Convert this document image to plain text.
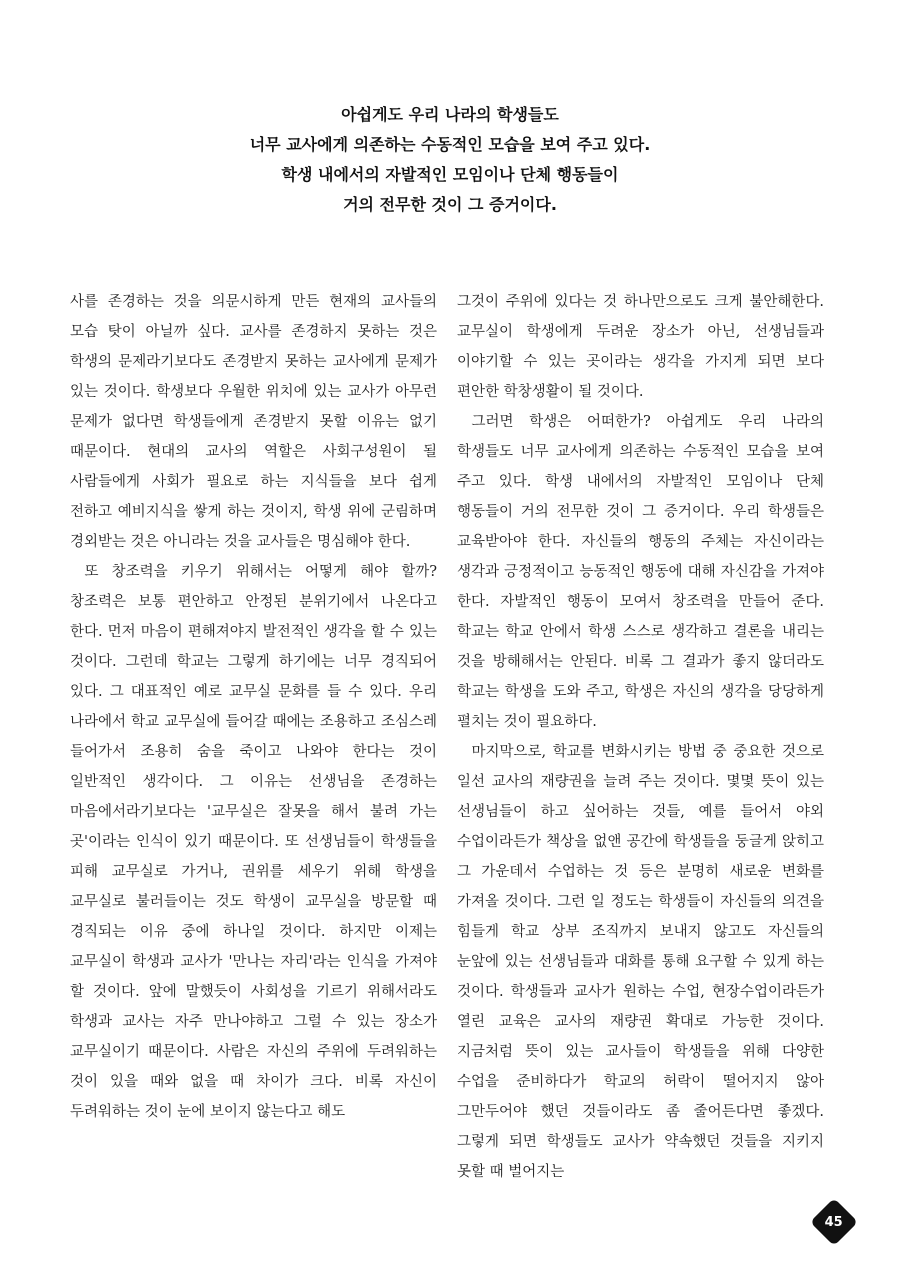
아쉽게도 우리 나라의 학생들도
너무 교사에게 의존하는 수동적인 모습을 보여 주고 있다.
학생 내에서의 자발적인 모임이나 단체 행동들이
거의 전무한 것이 그 증거이다.

사를 존경하는 것을 의문시하게 만든 현재의 교사들의 모습 탓이 아닐까 싶다. 교사를 존경하지 못하는 것은 학생의 문제라기보다도 존경받지 못하는 교사에게 문제가 있는 것이다. 학생보다 우월한 위치에 있는 교사가 아무런 문제가 없다면 학생들에게 존경받지 못할 이유는 없기 때문이다. 현대의 교사의 역할은 사회구성원이 될 사람들에게 사회가 필요로 하는 지식들을 보다 쉽게 전하고 예비지식을 쌓게 하는 것이지, 학생 위에 군림하며 경외받는 것은 아니라는 것을 교사들은 명심해야 한다.

또 창조력을 키우기 위해서는 어떻게 해야 할까? 창조력은 보통 편안하고 안정된 분위기에서 나온다고 한다. 먼저 마음이 편해져야지 발전적인 생각을 할 수 있는 것이다. 그런데 학교는 그렇게 하기에는 너무 경직되어 있다. 그 대표적인 예로 교무실 문화를 들 수 있다. 우리 나라에서 학교 교무실에 들어갈 때에는 조용하고 조심스레 들어가서 조용히 숨을 죽이고 나와야 한다는 것이 일반적인 생각이다. 그 이유는 선생님을 존경하는 마음에서라기보다는 '교무실은 잘못을 해서 불려 가는 곳'이라는 인식이 있기 때문이다. 또 선생님들이 학생들을 피해 교무실로 가거나, 권위를 세우기 위해 학생을 교무실로 불러들이는 것도 학생이 교무실을 방문할 때 경직되는 이유 중에 하나일 것이다. 하지만 이제는 교무실이 학생과 교사가 '만나는 자리'라는 인식을 가져야 할 것이다. 앞에 말했듯이 사회성을 기르기 위해서라도 학생과 교사는 자주 만나야하고 그럴 수 있는 장소가 교무실이기 때문이다. 사람은 자신의 주위에 두려워하는 것이 있을 때와 없을 때 차이가 크다. 비록 자신이 두려워하는 것이 눈에 보이지 않는다고 해도

그것이 주위에 있다는 것 하나만으로도 크게 불안해한다. 교무실이 학생에게 두려운 장소가 아닌, 선생님들과 이야기할 수 있는 곳이라는 생각을 가지게 되면 보다 편안한 학창생활이 될 것이다.

그러면 학생은 어떠한가? 아쉽게도 우리 나라의 학생들도 너무 교사에게 의존하는 수동적인 모습을 보여 주고 있다. 학생 내에서의 자발적인 모임이나 단체 행동들이 거의 전무한 것이 그 증거이다. 우리 학생들은 교육받아야 한다. 자신들의 행동의 주체는 자신이라는 생각과 긍정적이고 능동적인 행동에 대해 자신감을 가져야 한다. 자발적인 행동이 모여서 창조력을 만들어 준다. 학교는 학교 안에서 학생 스스로 생각하고 결론을 내리는 것을 방해해서는 안된다. 비록 그 결과가 좋지 않더라도 학교는 학생을 도와 주고, 학생은 자신의 생각을 당당하게 펼치는 것이 필요하다.

마지막으로, 학교를 변화시키는 방법 중 중요한 것으로 일선 교사의 재량권을 늘려 주는 것이다. 몇몇 뜻이 있는 선생님들이 하고 싶어하는 것들, 예를 들어서 야외 수업이라든가 책상을 없앤 공간에 학생들을 둥글게 앉히고 그 가운데서 수업하는 것 등은 분명히 새로운 변화를 가져올 것이다. 그런 일 정도는 학생들이 자신들의 의견을 힘들게 학교 상부 조직까지 보내지 않고도 자신들의 눈앞에 있는 선생님들과 대화를 통해 요구할 수 있게 하는 것이다. 학생들과 교사가 원하는 수업, 현장수업이라든가 열린 교육은 교사의 재량권 확대로 가능한 것이다. 지금처럼 뜻이 있는 교사들이 학생들을 위해 다양한 수업을 준비하다가 학교의 허락이 떨어지지 않아 그만두어야 했던 것들이라도 좀 줄어든다면 좋겠다. 그렇게 되면 학생들도 교사가 약속했던 것들을 지키지 못할 때 벌어지는

45
